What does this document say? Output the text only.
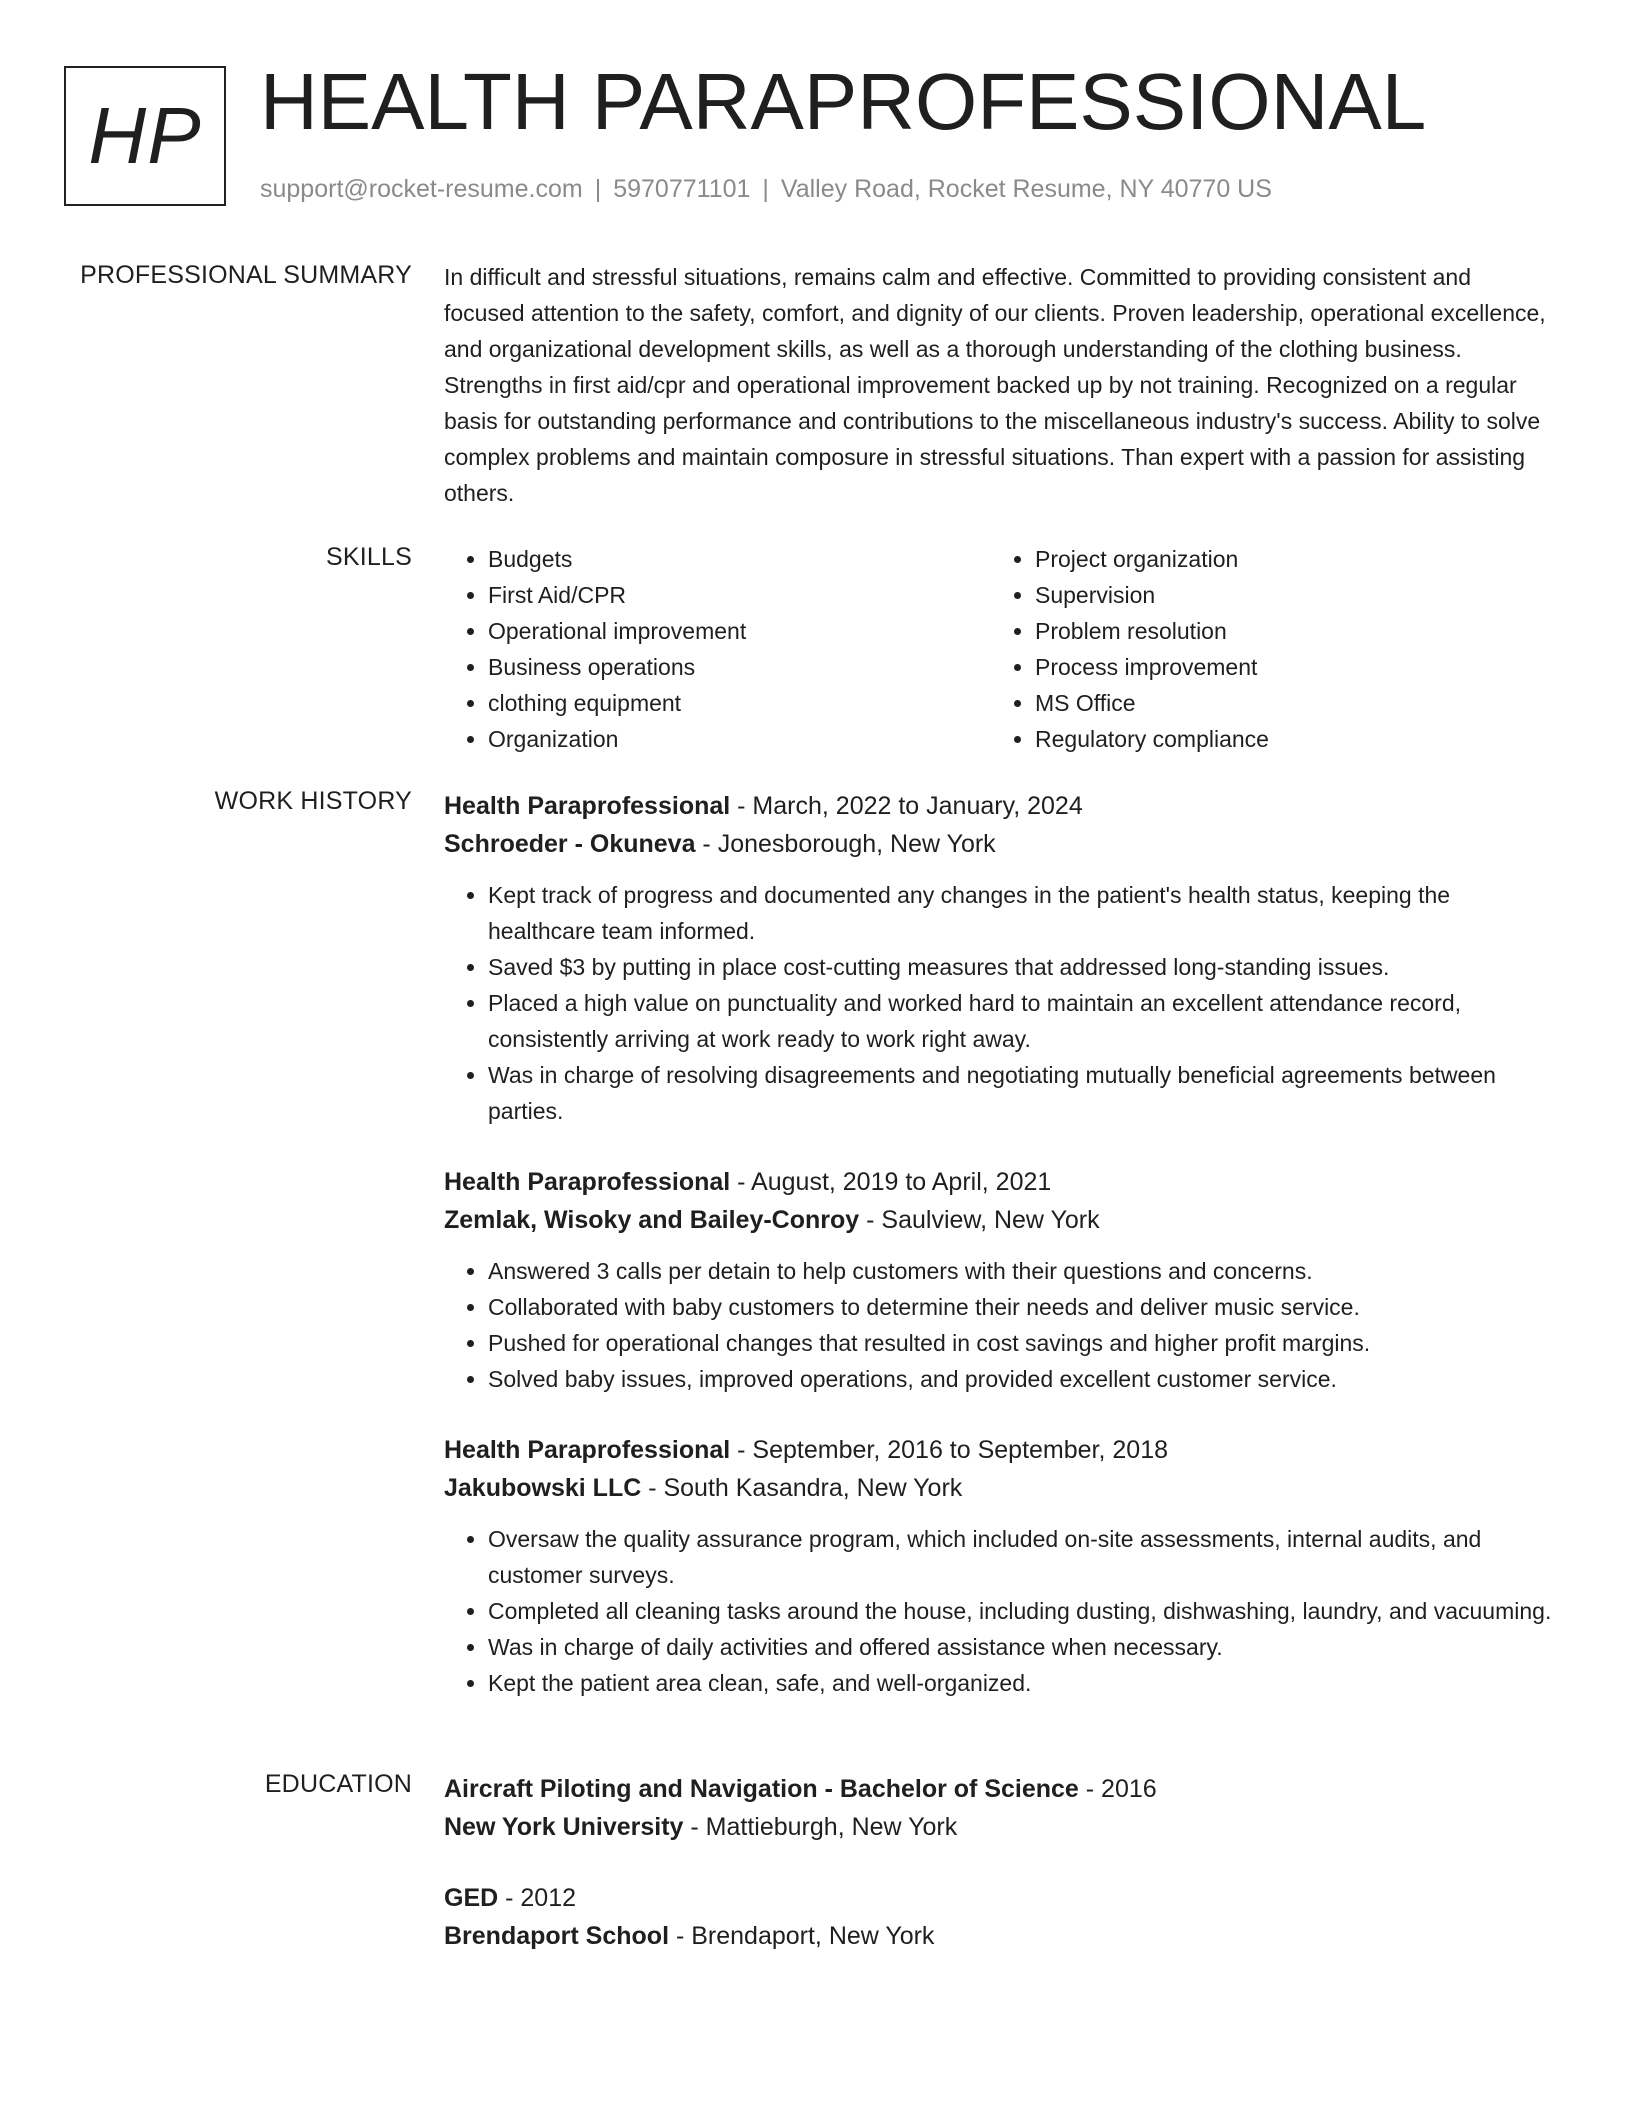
HP HEALTH PARAPROFESSIONAL
support@rocket-resume.com | 5970771101 | Valley Road, Rocket Resume, NY 40770 US
PROFESSIONAL SUMMARY In difficult and stressful situations, remains calm and effective. Committed to providing consistent and focused attention to the safety, comfort, and dignity of our clients. Proven leadership, operational excellence, and organizational development skills, as well as a thorough understanding of the clothing business. Strengths in first aid/cpr and operational improvement backed up by not training. Recognized on a regular basis for outstanding performance and contributions to the miscellaneous industry's success. Ability to solve complex problems and maintain composure in stressful situations. Than expert with a passion for assisting others.

SKILLS
•	Budgets
• First Aid/CPR
• Operational improvement
• Business operations
• clothing equipment
• Organization
• Project organization
• Supervision
• Problem resolution
• Process improvement
• MS Office
• Regulatory compliance
WORK HISTORY Health Paraprofessional - March, 2022 to January, 2024
Schroeder - Okuneva - Jonesborough, New York
• Kept track of progress and documented any changes in the patient's health status, keeping the healthcare team informed.
• Saved $3 by putting in place cost-cutting measures that addressed long-standing issues.
• Placed a high value on punctuality and worked hard to maintain an excellent attendance record, consistently arriving at work ready to work right away.
• Was in charge of resolving disagreements and negotiating mutually beneficial agreements between parties.
Health Paraprofessional - August, 2019 to April, 2021
Zemlak, Wisoky and Bailey-Conroy - Saulview, New York
• Answered 3 calls per detain to help customers with their questions and concerns.
• Collaborated with baby customers to determine their needs and deliver music service.
• Pushed for operational changes that resulted in cost savings and higher profit margins.
• Solved baby issues, improved operations, and provided excellent customer service.
Health Paraprofessional - September, 2016 to September, 2018
Jakubowski LLC - South Kasandra, New York
• Oversaw the quality assurance program, which included on-site assessments, internal audits, and customer surveys.
• Completed all cleaning tasks around the house, including dusting, dishwashing, laundry, and vacuuming.
• Was in charge of daily activities and offered assistance when necessary.
• Kept the patient area clean, safe, and well-organized.
EDUCATION Aircraft Piloting and Navigation - Bachelor of Science - 2016
New York University - Mattieburgh, New York
GED - 2012
Brendaport School - Brendaport, New York
